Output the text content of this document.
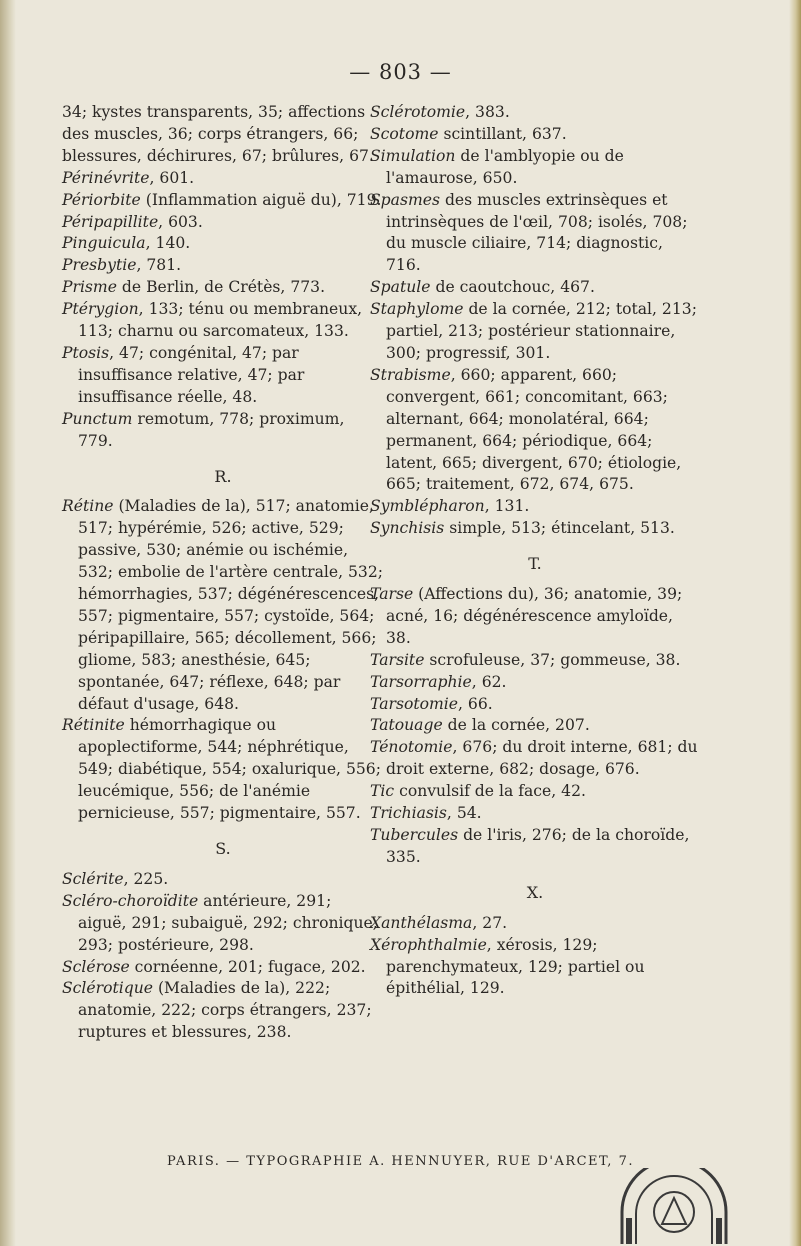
— 803 —

34; kystes transparents, 35; affections des muscles, 36; corps étrangers, 66; blessures, déchirures, 67; brûlures, 67.

Périnévrite, 601.

Périorbite (Inflammation aiguë du), 719.

Péripapillite, 603.

Pinguicula, 140.

Presbytie, 781.

Prisme de Berlin, de Crétès, 773.

Ptérygion, 133; ténu ou membraneux, 113; charnu ou sarcomateux, 133.

Ptosis, 47; congénital, 47; par insuffisance relative, 47; par insuffisance réelle, 48.

Punctum remotum, 778; proximum, 779.

R.

Rétine (Maladies de la), 517; anatomie, 517; hypérémie, 526; active, 529; passive, 530; anémie ou ischémie, 532; embolie de l'artère centrale, 532; hémorrhagies, 537; dégénérescences, 557; pigmentaire, 557; cystoïde, 564; péripapillaire, 565; décollement, 566; gliome, 583; anesthésie, 645; spontanée, 647; réflexe, 648; par défaut d'usage, 648.

Rétinite hémorrhagique ou apoplectiforme, 544; néphrétique, 549; diabétique, 554; oxalurique, 556; leucémique, 556; de l'anémie pernicieuse, 557; pigmentaire, 557.

S.

Sclérite, 225.

Scléro-choroïdite antérieure, 291; aiguë, 291; subaiguë, 292; chronique, 293; postérieure, 298.

Sclérose cornéenne, 201; fugace, 202.

Sclérotique (Maladies de la), 222; anatomie, 222; corps étrangers, 237; ruptures et blessures, 238.

Sclérotomie, 383.

Scotome scintillant, 637.

Simulation de l'amblyopie ou de l'amaurose, 650.

Spasmes des muscles extrinsèques et intrinsèques de l'œil, 708; isolés, 708; du muscle ciliaire, 714; diagnostic, 716.

Spatule de caoutchouc, 467.

Staphylome de la cornée, 212; total, 213; partiel, 213; postérieur stationnaire, 300; progressif, 301.

Strabisme, 660; apparent, 660; convergent, 661; concomitant, 663; alternant, 664; monolatéral, 664; permanent, 664; périodique, 664; latent, 665; divergent, 670; étiologie, 665; traitement, 672, 674, 675.

Symblépharon, 131.

Synchisis simple, 513; étincelant, 513.

T.

Tarse (Affections du), 36; anatomie, 39; acné, 16; dégénérescence amyloïde, 38.

Tarsite scrofuleuse, 37; gommeuse, 38.

Tarsorraphie, 62.

Tarsotomie, 66.

Tatouage de la cornée, 207.

Ténotomie, 676; du droit interne, 681; du droit externe, 682; dosage, 676.

Tic convulsif de la face, 42.

Trichiasis, 54.

Tubercules de l'iris, 276; de la choroïde, 335.

X.

Xanthélasma, 27.

Xérophthalmie, xérosis, 129; parenchymateux, 129; partiel ou épithélial, 129.

PARIS. — TYPOGRAPHIE A. HENNUYER, RUE D'ARCET, 7.
